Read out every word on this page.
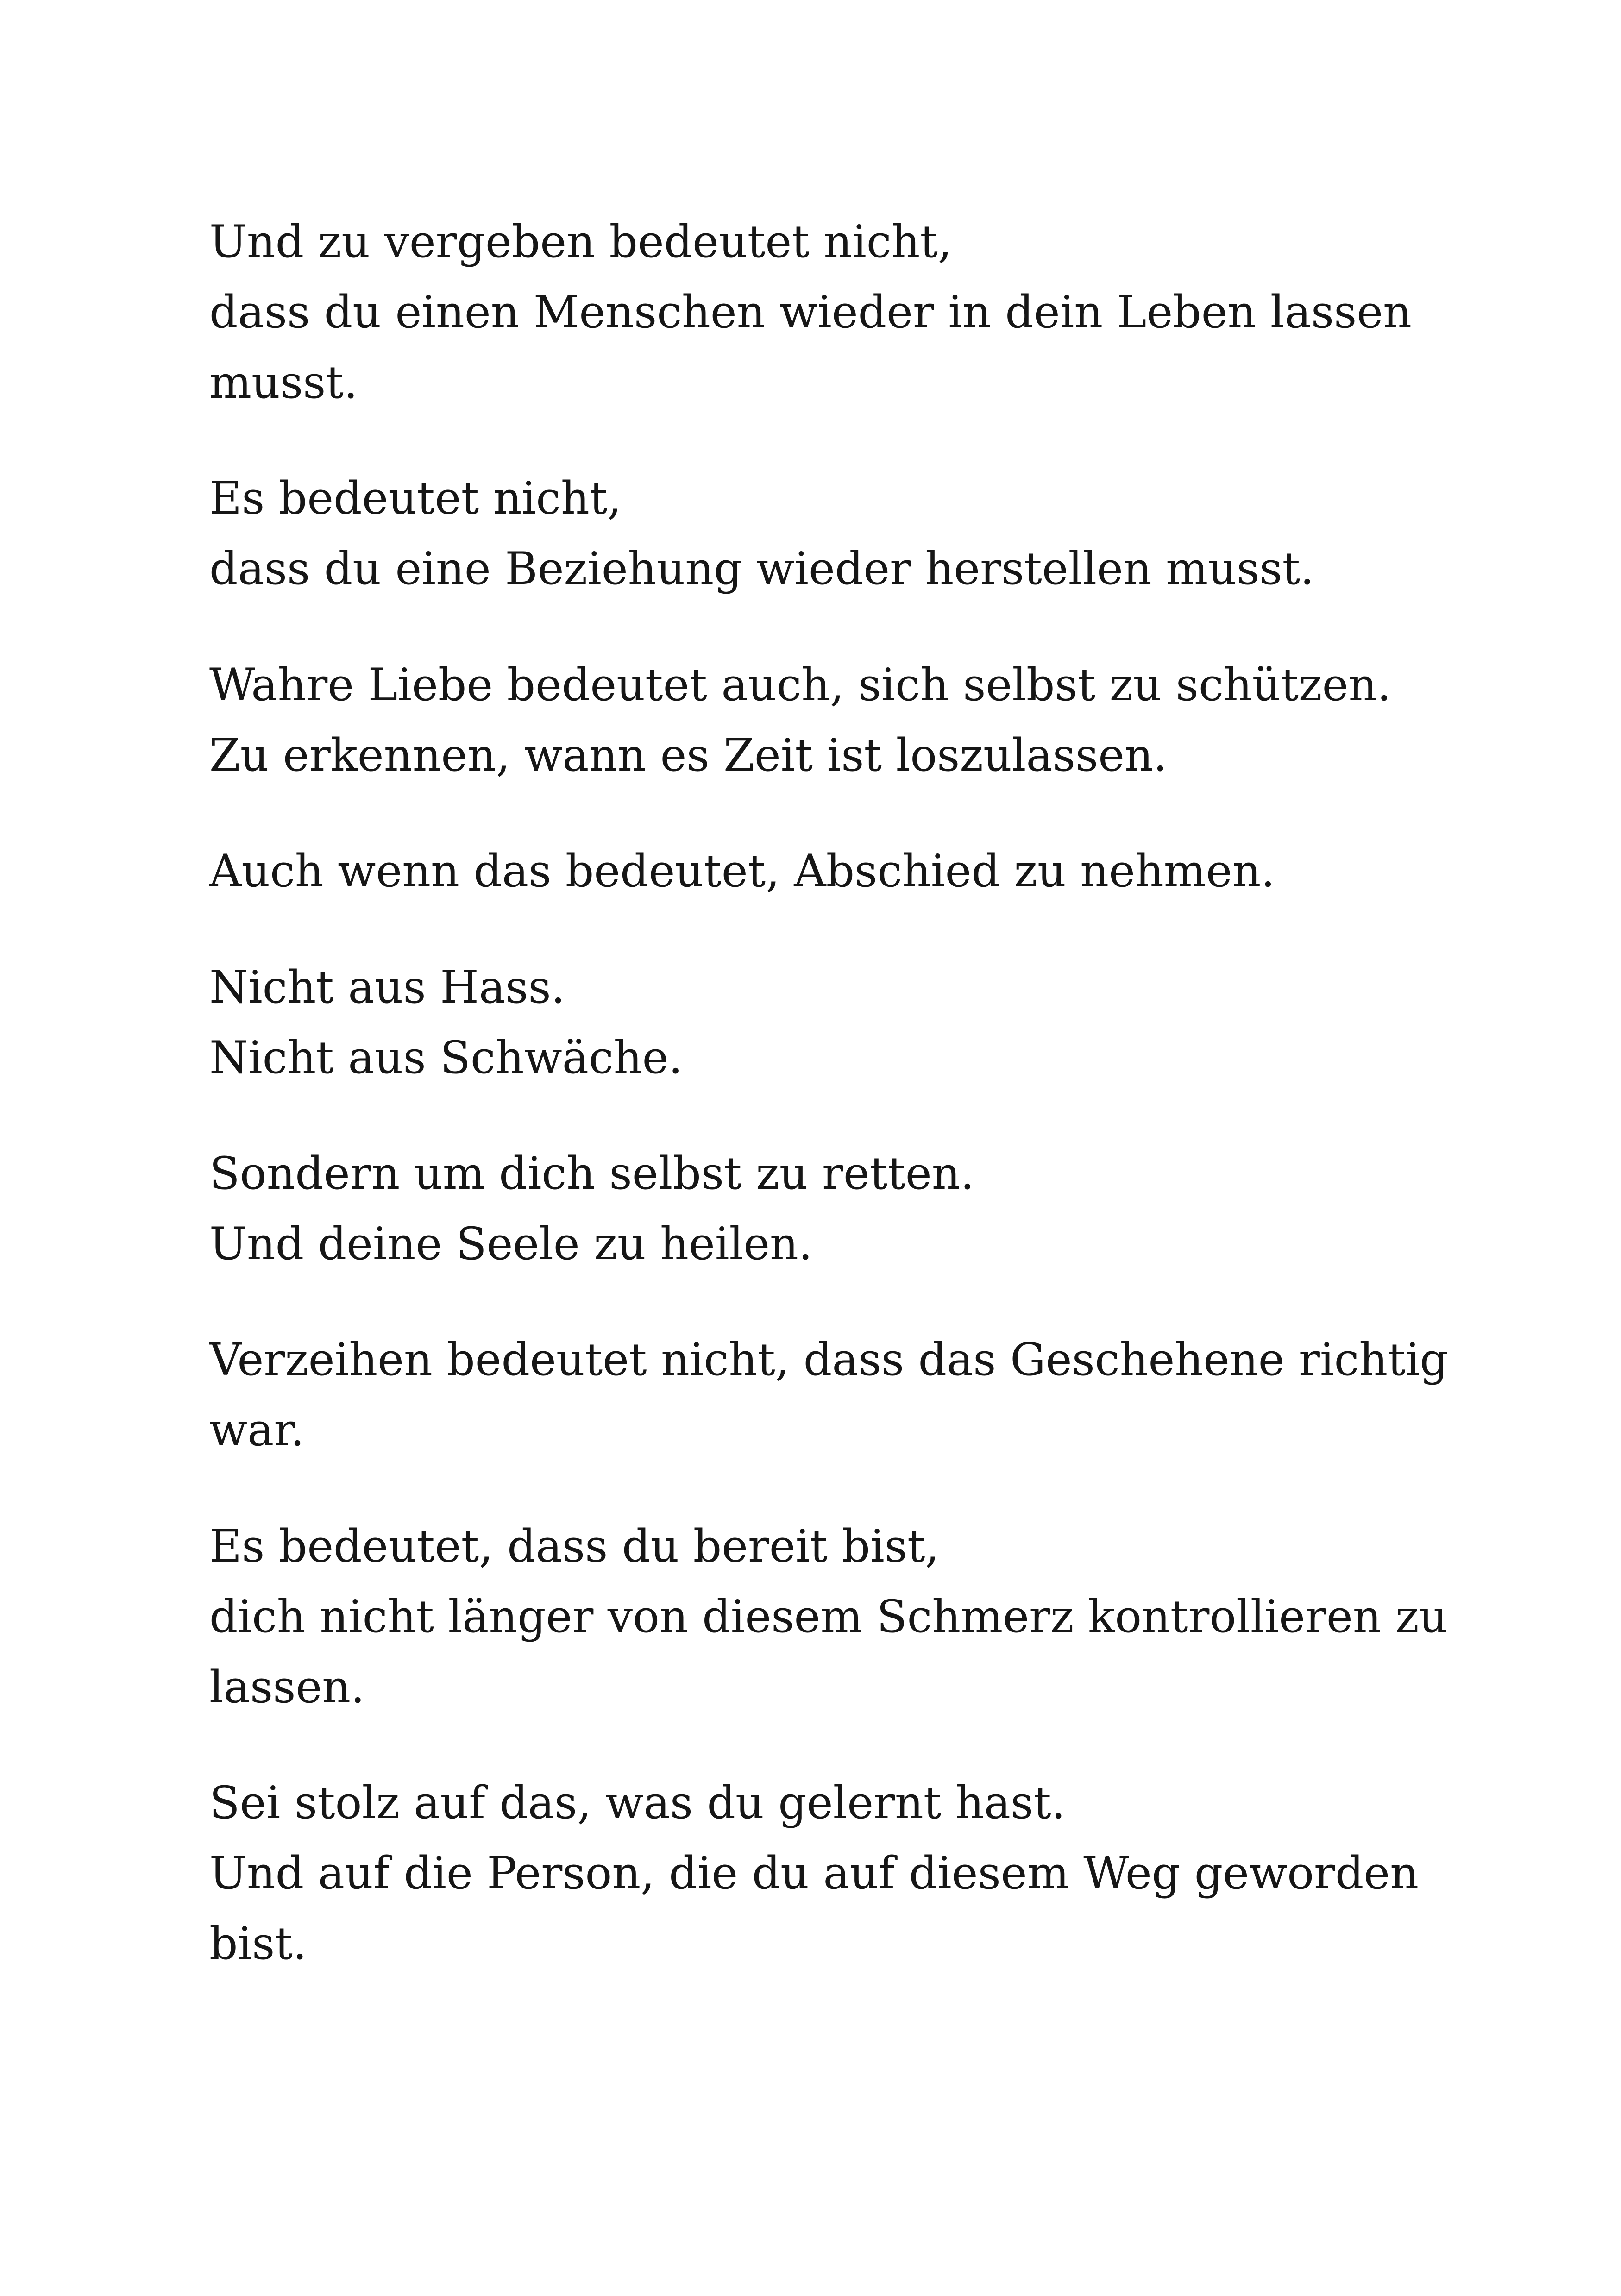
Und zu vergeben bedeutet nicht,
dass du einen Menschen wieder in dein Leben lassen
musst.
Es bedeutet nicht,
dass du eine Beziehung wieder herstellen musst.
Wahre Liebe bedeutet auch, sich selbst zu schützen.
Zu erkennen, wann es Zeit ist loszulassen.
Auch wenn das bedeutet, Abschied zu nehmen.
Nicht aus Hass.
Nicht aus Schwäche.
Sondern um dich selbst zu retten.
Und deine Seele zu heilen.
Verzeihen bedeutet nicht, dass das Geschehene richtig
war.
Es bedeutet, dass du bereit bist,
dich nicht länger von diesem Schmerz kontrollieren zu
lassen.
Sei stolz auf das, was du gelernt hast.
Und auf die Person, die du auf diesem Weg geworden
bist.
